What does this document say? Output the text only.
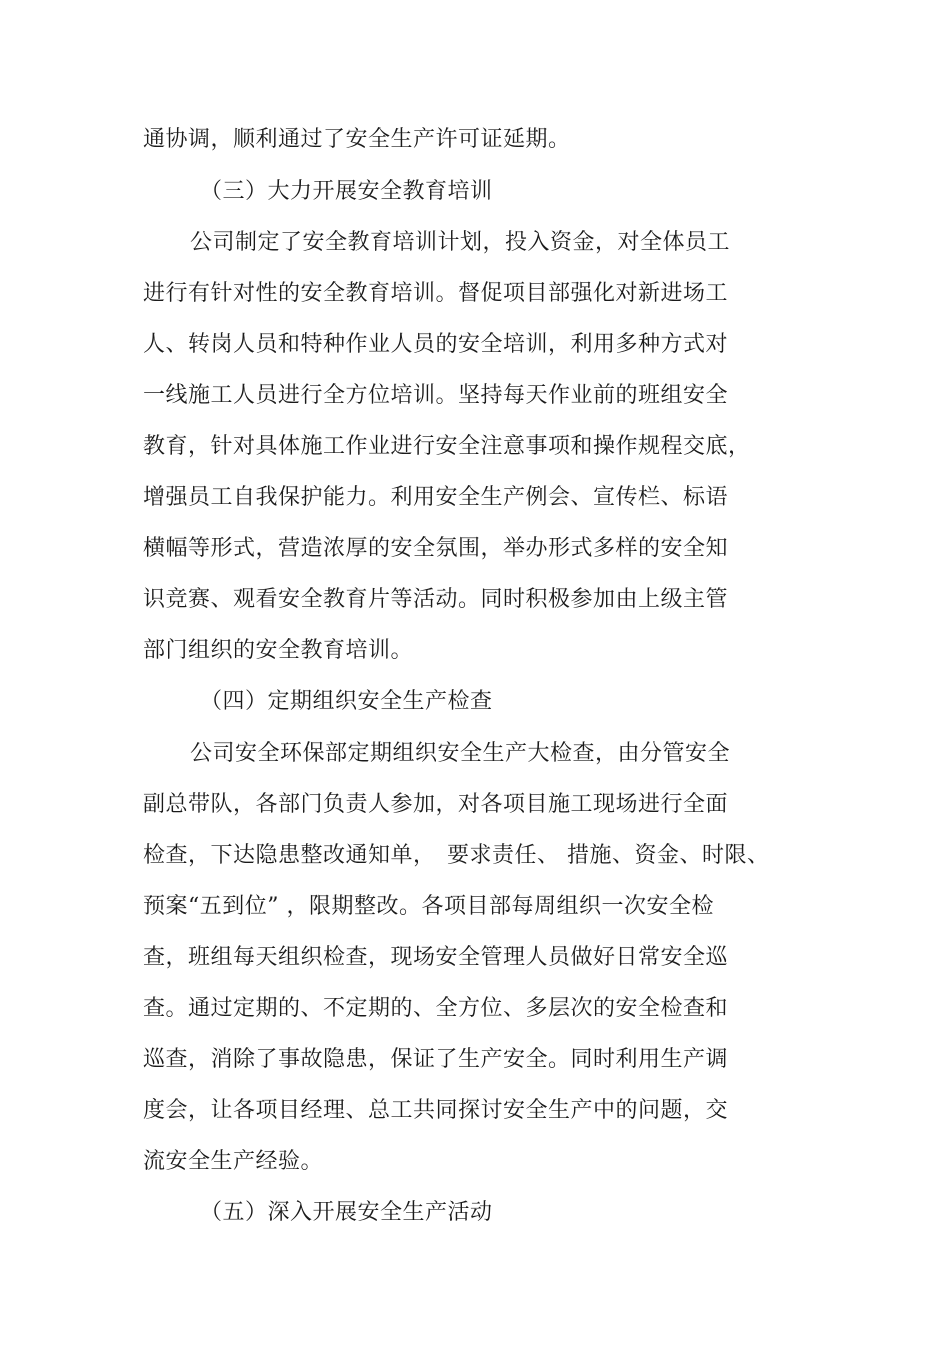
通协调，顺利通过了安全生产许可证延期。
（三）大力开展安全教育培训
公司制定了安全教育培训计划，投入资金，对全体员工
进行有针对性的安全教育培训。督促项目部强化对新进场工
人、转岗人员和特种作业人员的安全培训，利用多种方式对
一线施工人员进行全方位培训。坚持每天作业前的班组安全
教育，针对具体施工作业进行安全注意事项和操作规程交底，
增强员工自我保护能力。利用安全生产例会、宣传栏、标语
横幅等形式，营造浓厚的安全氛围，举办形式多样的安全知
识竞赛、观看安全教育片等活动。同时积极参加由上级主管
部门组织的安全教育培训。
（四）定期组织安全生产检查
公司安全环保部定期组织安全生产大检查，由分管安全
副总带队，各部门负责人参加，对各项目施工现场进行全面
检查，下达隐患整改通知单，　要求责任、 措施、资金、时限、
预案“五到位” ，限期整改。各项目部每周组织一次安全检
查，班组每天组织检查，现场安全管理人员做好日常安全巡
查。通过定期的、不定期的、全方位、多层次的安全检查和
巡查，消除了事故隐患，保证了生产安全。同时利用生产调
度会，让各项目经理、总工共同探讨安全生产中的问题，交
流安全生产经验。
（五）深入开展安全生产活动
